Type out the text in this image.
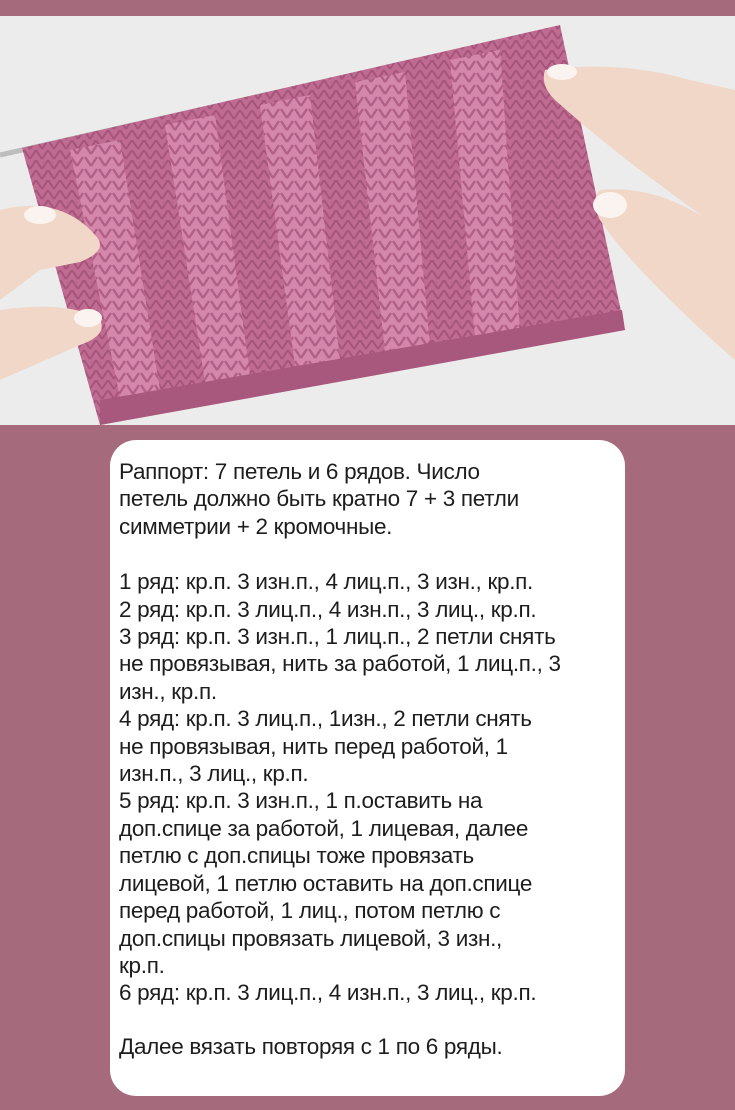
Раппорт: 7 петель и 6 рядов. Число

петель должно быть кратно 7 + 3 петли

симметрии + 2 кромочные.

1 ряд: кр.п. 3 изн.п., 4 лиц.п., 3 изн., кр.п.

2 ряд: кр.п. 3 лиц.п., 4 изн.п., 3 лиц., кр.п.

3 ряд: кр.п. 3 изн.п., 1 лиц.п., 2 петли снять

не провязывая, нить за работой, 1 лиц.п., 3

изн., кр.п.

4 ряд: кр.п. 3 лиц.п., 1изн., 2 петли снять

не провязывая, нить перед работой, 1

изн.п., 3 лиц., кр.п.

5 ряд: кр.п. 3 изн.п., 1 п.оставить на

доп.спице за работой, 1 лицевая, далее

петлю с доп.спицы тоже провязать

лицевой, 1 петлю оставить на доп.спице

перед работой, 1 лиц., потом петлю с

доп.спицы провязать лицевой, 3 изн.,

кр.п.

6 ряд: кр.п. 3 лиц.п., 4 изн.п., 3 лиц., кр.п.

Далее вязать повторяя с 1 по 6 ряды.
